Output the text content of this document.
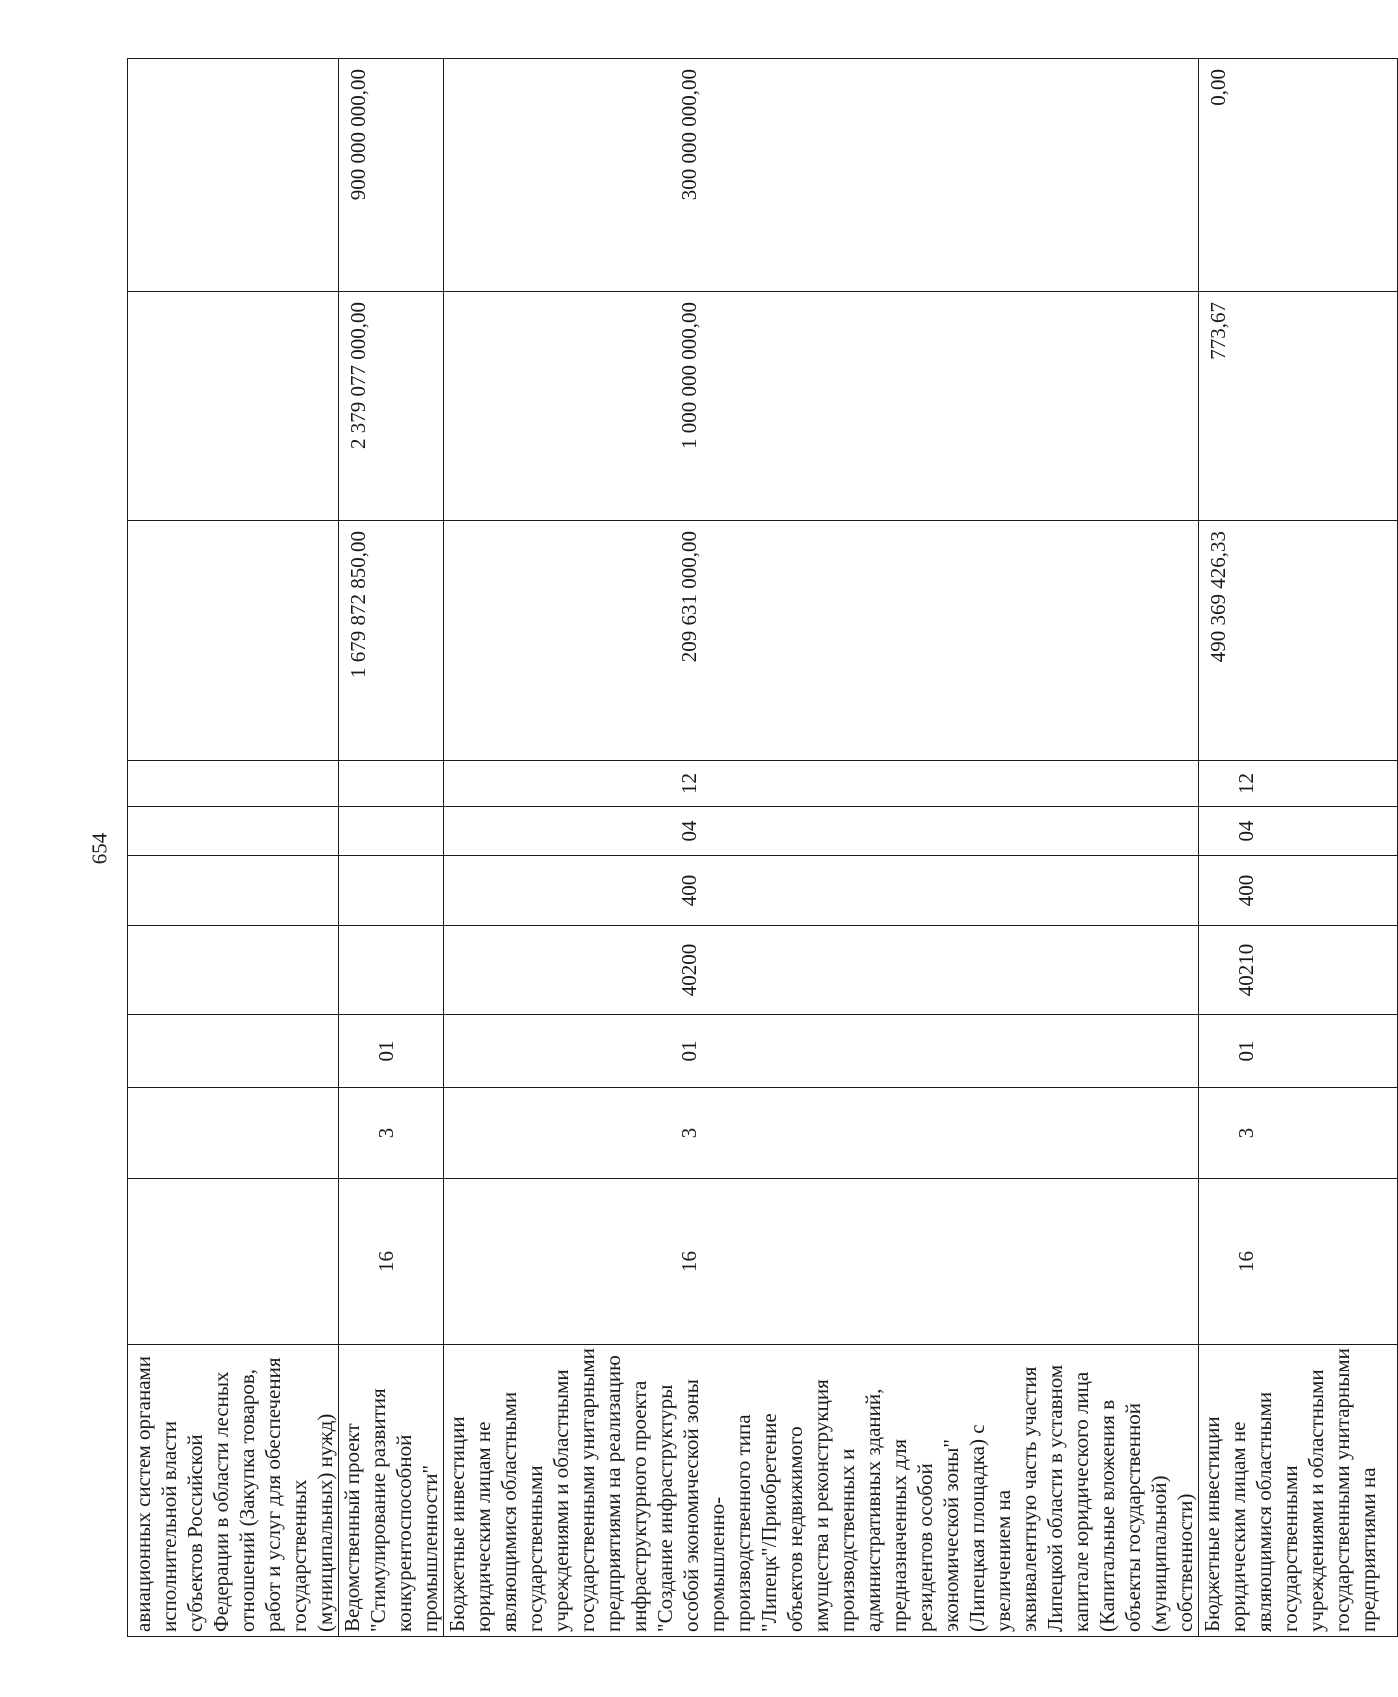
654
авиационных систем органами исполнительной власти субъектов Российской Федерации в области лесных отношений (Закупка товаров, работ и услуг для обеспечения государственных (муниципальных) нужд)										
Ведомственный проект "Стимулирование развития конкурентоспособной промышленности"	16	3	01					1 679 872 850,00	2 379 077 000,00	900 000 000,00
Бюджетные инвестиции юридическим лицам не являющимися областными государственными учреждениями и областными государственными унитарными предприятиями на реализацию инфраструктурного проекта "Создание инфраструктуры особой экономической зоны промышленно-производственного типа "Липецк"/Приобретение объектов недвижимого имущества и реконструкция производственных и административных зданий, предназначенных для резидентов особой экономической зоны" (Липецкая площадка) с увеличением на эквивалентную часть участия Липецкой области в уставном капитале юридического лица (Капитальные вложения в объекты государственной (муниципальной) собственности)	16	3	01	40200	400	04	12	209 631 000,00	1 000 000 000,00	300 000 000,00
Бюджетные инвестиции юридическим лицам не являющимися областными государственными учреждениями и областными государственными унитарными предприятиями на	16	3	01	40210	400	04	12	490 369 426,33	773,67	0,00
